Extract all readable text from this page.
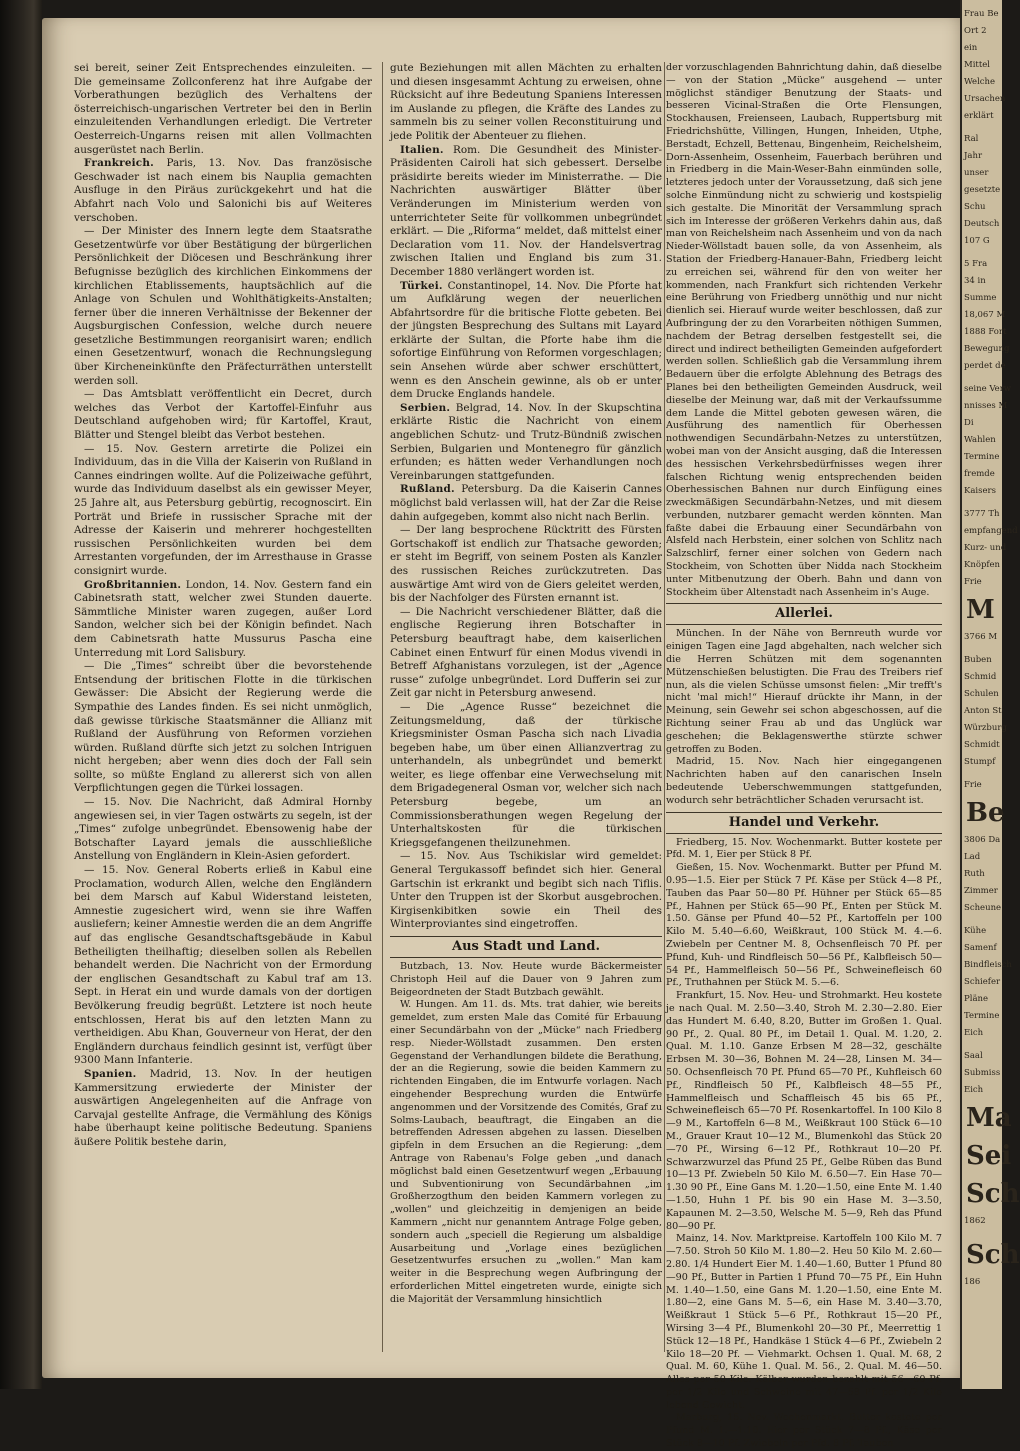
sei bereit, seiner Zeit Entsprechendes einzuleiten. — Die gemeinsame Zollconferenz hat ihre Aufgabe der Vorberathungen bezüglich des Verhaltens der österreichisch-ungarischen Vertreter bei den in Berlin einzuleitenden Verhandlungen erledigt. Die Vertreter Oesterreich-Ungarns reisen mit allen Vollmachten ausgerüstet nach Berlin.

Frankreich. Paris, 13. Nov. Das französische Geschwader ist nach einem bis Nauplia gemachten Ausfluge in den Piräus zurückgekehrt und hat die Abfahrt nach Volo und Salonichi bis auf Weiteres verschoben.

— Der Minister des Innern legte dem Staatsrathe Gesetzentwürfe vor über Bestätigung der bürgerlichen Persönlichkeit der Diöcesen und Beschränkung ihrer Befugnisse bezüglich des kirchlichen Einkommens der kirchlichen Etablissements, hauptsächlich auf die Anlage von Schulen und Wohlthätigkeits-Anstalten; ferner über die inneren Verhältnisse der Bekenner der Augsburgischen Confession, welche durch neuere gesetzliche Bestimmungen reorganisirt waren; endlich einen Gesetzentwurf, wonach die Rechnungslegung über Kircheneinkünfte den Präfecturräthen unterstellt werden soll.

— Das Amtsblatt veröffentlicht ein Decret, durch welches das Verbot der Kartoffel-Einfuhr aus Deutschland aufgehoben wird; für Kartoffel, Kraut, Blätter und Stengel bleibt das Verbot bestehen.

— 15. Nov. Gestern arretirte die Polizei ein Individuum, das in die Villa der Kaiserin von Rußland in Cannes eindringen wollte. Auf die Polizeiwache geführt, wurde das Individuum daselbst als ein gewisser Meyer, 25 Jahre alt, aus Petersburg gebürtig, recognoscirt. Ein Porträt und Briefe in russischer Sprache mit der Adresse der Kaiserin und mehrerer hochgestellten russischen Persönlichkeiten wurden bei dem Arrestanten vorgefunden, der im Arresthause in Grasse consignirt wurde.

Großbritannien. London, 14. Nov. Gestern fand ein Cabinetsrath statt, welcher zwei Stunden dauerte. Sämmtliche Minister waren zugegen, außer Lord Sandon, welcher sich bei der Königin befindet. Nach dem Cabinetsrath hatte Mussurus Pascha eine Unterredung mit Lord Salisbury.

— Die „Times“ schreibt über die bevorstehende Entsendung der britischen Flotte in die türkischen Gewässer: Die Absicht der Regierung werde die Sympathie des Landes finden. Es sei nicht unmöglich, daß gewisse türkische Staatsmänner die Allianz mit Rußland der Ausführung von Reformen vorziehen würden. Rußland dürfte sich jetzt zu solchen Intriguen nicht hergeben; aber wenn dies doch der Fall sein sollte, so müßte England zu allererst sich von allen Verpflichtungen gegen die Türkei lossagen.

— 15. Nov. Die Nachricht, daß Admiral Hornby angewiesen sei, in vier Tagen ostwärts zu segeln, ist der „Times“ zufolge unbegründet. Ebensowenig habe der Botschafter Layard jemals die ausschließliche Anstellung von Engländern in Klein-Asien gefordert.

— 15. Nov. General Roberts erließ in Kabul eine Proclamation, wodurch Allen, welche den Engländern bei dem Marsch auf Kabul Widerstand leisteten, Amnestie zugesichert wird, wenn sie ihre Waffen ausliefern; keiner Amnestie werden die an dem Angriffe auf das englische Gesandtschaftsgebäude in Kabul Betheiligten theilhaftig; dieselben sollen als Rebellen behandelt werden. Die Nachricht von der Ermordung der englischen Gesandtschaft zu Kabul traf am 13. Sept. in Herat ein und wurde damals von der dortigen Bevölkerung freudig begrüßt. Letztere ist noch heute entschlossen, Herat bis auf den letzten Mann zu vertheidigen. Abu Khan, Gouverneur von Herat, der den Engländern durchaus feindlich gesinnt ist, verfügt über 9300 Mann Infanterie.

Spanien. Madrid, 13. Nov. In der heutigen Kammersitzung erwiederte der Minister der auswärtigen Angelegenheiten auf die Anfrage von Carvajal gestellte Anfrage, die Vermählung des Königs habe überhaupt keine politische Bedeutung. Spaniens äußere Politik bestehe darin,

gute Beziehungen mit allen Mächten zu erhalten und diesen insgesammt Achtung zu erweisen, ohne Rücksicht auf ihre Bedeutung Spaniens Interessen im Auslande zu pflegen, die Kräfte des Landes zu sammeln bis zu seiner vollen Reconstituirung und jede Politik der Abenteuer zu fliehen.

Italien. Rom. Die Gesundheit des Minister-Präsidenten Cairoli hat sich gebessert. Derselbe präsidirte bereits wieder im Ministerrathe. — Die Nachrichten auswärtiger Blätter über Veränderungen im Ministerium werden von unterrichteter Seite für vollkommen unbegründet erklärt. — Die „Riforma“ meldet, daß mittelst einer Declaration vom 11. Nov. der Handelsvertrag zwischen Italien und England bis zum 31. December 1880 verlängert worden ist.

Türkei. Constantinopel, 14. Nov. Die Pforte hat um Aufklärung wegen der neuerlichen Abfahrtsordre für die britische Flotte gebeten. Bei der jüngsten Besprechung des Sultans mit Layard erklärte der Sultan, die Pforte habe ihm die sofortige Einführung von Reformen vorgeschlagen; sein Ansehen würde aber schwer erschüttert, wenn es den Anschein gewinne, als ob er unter dem Drucke Englands handele.

Serbien. Belgrad, 14. Nov. In der Skupschtina erklärte Ristic die Nachricht von einem angeblichen Schutz- und Trutz-Bündniß zwischen Serbien, Bulgarien und Montenegro für gänzlich erfunden; es hätten weder Verhandlungen noch Vereinbarungen stattgefunden.

Rußland. Petersburg. Da die Kaiserin Cannes möglichst bald verlassen will, hat der Zar die Reise dahin aufgegeben, kommt also nicht nach Berlin.

— Der lang besprochene Rücktritt des Fürsten Gortschakoff ist endlich zur Thatsache geworden; er steht im Begriff, von seinem Posten als Kanzler des russischen Reiches zurückzutreten. Das auswärtige Amt wird von de Giers geleitet werden, bis der Nachfolger des Fürsten ernannt ist.

— Die Nachricht verschiedener Blätter, daß die englische Regierung ihren Botschafter in Petersburg beauftragt habe, dem kaiserlichen Cabinet einen Entwurf für einen Modus vivendi in Betreff Afghanistans vorzulegen, ist der „Agence russe“ zufolge unbegründet. Lord Dufferin sei zur Zeit gar nicht in Petersburg anwesend.

— Die „Agence Russe“ bezeichnet die Zeitungsmeldung, daß der türkische Kriegsminister Osman Pascha sich nach Livadia begeben habe, um über einen Allianzvertrag zu unterhandeln, als unbegründet und bemerkt weiter, es liege offenbar eine Verwechselung mit dem Brigadegeneral Osman vor, welcher sich nach Petersburg begebe, um an Commissionsberathungen wegen Regelung der Unterhaltskosten für die türkischen Kriegsgefangenen theilzunehmen.

— 15. Nov. Aus Tschikislar wird gemeldet: General Tergukassoff befindet sich hier. General Gartschin ist erkrankt und begibt sich nach Tiflis. Unter den Truppen ist der Skorbut ausgebrochen. Kirgisenkibitken sowie ein Theil des Winterproviantes sind eingetroffen.

Aus Stadt und Land.

Butzbach, 13. Nov. Heute wurde Bäckermeister Christoph Heil auf die Dauer von 9 Jahren zum Beigeordneten der Stadt Butzbach gewählt.

W. Hungen. Am 11. ds. Mts. trat dahier, wie bereits gemeldet, zum ersten Male das Comité für Erbauung einer Secundärbahn von der „Mücke“ nach Friedberg resp. Nieder-Wöllstadt zusammen. Den ersten Gegenstand der Verhandlungen bildete die Berathung, der an die Regierung, sowie die beiden Kammern zu richtenden Eingaben, die im Entwurfe vorlagen. Nach eingehender Besprechung wurden die Entwürfe angenommen und der Vorsitzende des Comités, Graf zu Solms-Laubach, beauftragt, die Eingaben an die betreffenden Adressen abgehen zu lassen. Dieselben gipfeln in dem Ersuchen an die Regierung: „dem Antrage von Rabenau's Folge geben „und danach möglichst bald einen Gesetzentwurf wegen „Erbauung und Subventionirung von Secundärbahnen „im Großherzogthum den beiden Kammern vorlegen zu „wollen“ und gleichzeitig in demjenigen an beide Kammern „nicht nur genanntem Antrage Folge geben, sondern auch „speciell die Regierung um alsbaldige Ausarbeitung und „Vorlage eines bezüglichen Gesetzentwurfes ersuchen zu „wollen.“ Man kam weiter in die Besprechung wegen Aufbringung der erforderlichen Mittel eingetreten wurde, einigte sich die Majorität der Versammlung hinsichtlich

der vorzuschlagenden Bahnrichtung dahin, daß dieselbe — von der Station „Mücke“ ausgehend — unter möglichst ständiger Benutzung der Staats- und besseren Vicinal-Straßen die Orte Flensungen, Stockhausen, Freienseen, Laubach, Ruppertsburg mit Friedrichshütte, Villingen, Hungen, Inheiden, Utphe, Berstadt, Echzell, Bettenau, Bingenheim, Reichelsheim, Dorn-Assenheim, Ossenheim, Fauerbach berühren und in Friedberg in die Main-Weser-Bahn einmünden solle, letzteres jedoch unter der Voraussetzung, daß sich jene solche Einmündung nicht zu schwierig und kostspielig sich gestalte. Die Minorität der Versammlung sprach sich im Interesse der größeren Verkehrs dahin aus, daß man von Reichelsheim nach Assenheim und von da nach Nieder-Wöllstadt bauen solle, da von Assenheim, als Station der Friedberg-Hanauer-Bahn, Friedberg leicht zu erreichen sei, während für den von weiter her kommenden, nach Frankfurt sich richtenden Verkehr eine Berührung von Friedberg unnöthig und nur nicht dienlich sei. Hierauf wurde weiter beschlossen, daß zur Aufbringung der zu den Vorarbeiten nöthigen Summen, nachdem der Betrag derselben festgestellt sei, die direct und indirect betheiligten Gemeinden aufgefordert werden sollen. Schließlich gab die Versammlung ihrem Bedauern über die erfolgte Ablehnung des Betrags des Planes bei den betheiligten Gemeinden Ausdruck, weil dieselbe der Meinung war, daß mit der Verkaufssumme dem Lande die Mittel geboten gewesen wären, die Ausführung des namentlich für Oberhessen nothwendigen Secundärbahn-Netzes zu unterstützen, wobei man von der Ansicht ausging, daß die Interessen des hessischen Verkehrsbedürfnisses wegen ihrer falschen Richtung wenig entsprechenden beiden Oberhessischen Bahnen nur durch Einfügung eines zweckmäßigen Secundärbahn-Netzes, und mit diesem verbunden, nutzbarer gemacht werden könnten. Man faßte dabei die Erbauung einer Secundärbahn von Alsfeld nach Herbstein, einer solchen von Schlitz nach Salzschlirf, ferner einer solchen von Gedern nach Stockheim, von Schotten über Nidda nach Stockheim unter Mitbenutzung der Oberh. Bahn und dann von Stockheim über Altenstadt nach Assenheim in's Auge.

Allerlei.

München. In der Nähe von Bernreuth wurde vor einigen Tagen eine Jagd abgehalten, nach welcher sich die Herren Schützen mit dem sogenannten Mützenschießen belustigten. Die Frau des Treibers rief nun, als die vielen Schüsse umsonst fielen: „Mir trefft's nicht 'mal mich!“ Hierauf drückte ihr Mann, in der Meinung, sein Gewehr sei schon abgeschossen, auf die Richtung seiner Frau ab und das Unglück war geschehen; die Beklagenswerthe stürzte schwer getroffen zu Boden.

Madrid, 15. Nov. Nach hier eingegangenen Nachrichten haben auf den canarischen Inseln bedeutende Ueberschwemmungen stattgefunden, wodurch sehr beträchtlicher Schaden verursacht ist.

Handel und Verkehr.

Friedberg, 15. Nov. Wochenmarkt. Butter kostete per Pfd. M. 1, Eier per Stück 8 Pf.

Gießen, 15. Nov. Wochenmarkt. Butter per Pfund M. 0.95—1.5. Eier per Stück 7 Pf. Käse per Stück 4—8 Pf., Tauben das Paar 50—80 Pf. Hühner per Stück 65—85 Pf., Hahnen per Stück 65—90 Pf., Enten per Stück M. 1.50. Gänse per Pfund 40—52 Pf., Kartoffeln per 100 Kilo M. 5.40—6.60, Weißkraut, 100 Stück M. 4.—6. Zwiebeln per Centner M. 8, Ochsenfleisch 70 Pf. per Pfund, Kuh- und Rindfleisch 50—56 Pf., Kalbfleisch 50—54 Pf., Hammelfleisch 50—56 Pf., Schweinefleisch 60 Pf., Truthahnen per Stück M. 5.—6.

Frankfurt, 15. Nov. Heu- und Strohmarkt. Heu kostete je nach Qual. M. 2.50—3.40, Stroh M. 2.30—2.80. Eier das Hundert M. 6.40, 8.20, Butter im Großen 1. Qual. 90 Pf., 2. Qual. 80 Pf., im Detail 1. Qual. M. 1.20, 2. Qual. M. 1.10. Ganze Erbsen M 28—32, geschälte Erbsen M. 30—36, Bohnen M. 24—28, Linsen M. 34—50. Ochsenfleisch 70 Pf. Pfund 65—70 Pf., Kuhfleisch 60 Pf., Rindfleisch 50 Pf., Kalbfleisch 48—55 Pf., Hammelfleisch und Schaffleisch 45 bis 65 Pf., Schweinefleisch 65—70 Pf. Rosenkartoffel. In 100 Kilo 8—9 M., Kartoffeln 6—8 M., Weißkraut 100 Stück 6—10 M., Grauer Kraut 10—12 M., Blumenkohl das Stück 20—70 Pf., Wirsing 6—12 Pf., Rothkraut 10—20 Pf. Schwarzwurzel das Pfund 25 Pf., Gelbe Rüben das Bund 10—13 Pf. Zwiebeln 50 Kilo M. 6.50—7. Ein Hase 70—1.30 90 Pf., Eine Gans M. 1.20—1.50, eine Ente M. 1.40—1.50, Huhn 1 Pf. bis 90 ein Hase M. 3—3.50, Kapaunen M. 2—3.50, Welsche M. 5—9, Reh das Pfund 80—90 Pf.

Mainz, 14. Nov. Marktpreise. Kartoffeln 100 Kilo M. 7—7.50. Stroh 50 Kilo M. 1.80—2. Heu 50 Kilo M. 2.60—2.80. 1/4 Hundert Eier M. 1.40—1.60, Butter 1 Pfund 80—90 Pf., Butter in Partien 1 Pfund 70—75 Pf., Ein Huhn M. 1.40—1.50, eine Gans M. 1.20—1.50, eine Ente M. 1.80—2, eine Gans M. 5—6, ein Hase M. 3.40—3.70, Weißkraut 1 Stück 5—6 Pf., Rothkraut 15—20 Pf., Wirsing 3—4 Pf., Blumenkohl 20—30 Pf., Meerrettig 1 Stück 12—18 Pf., Handkäse 1 Stück 4—6 Pf., Zwiebeln 2 Kilo 18—20 Pf. — Viehmarkt. Ochsen 1. Qual. M. 68, 2 Qual. M. 60, Kühe 1. Qual. M. 56., 2. Qual. M. 46—50. Alles per 50 Kilo. Kälber wurden bezahlt mit 56—60 Pf. per 1/2 Kilo und Schweine mit 47—58 Pf. per 1/2 Kilo lebend Gewicht.

Marburg, 15. Nov. Wochenmarkt. Butter kostete per Pfund M. 1.—1.10. Eier per Stück 7—8 Pf., Käse per Stück 8—10 Pf. Zwiebeln per Pfd. 8 Pf. Tauben

Frau Be
Ort 2
ein
Mittel
Welche
Ursachen
erklärt
Ral
Jahr
unser
gesetzte
Schu
Deutsch
107 G
5 Fra
34 in
Summe
18,067 M
1888 Fort
Bewegung
perdet de
seine Verw
nnisses M
Di
Wahlen
Termine
fremde
Kaisers
3777 Th
empfangend
Kurz- und
Knöpfen
Frie
M
3766 M
Buben
Schmid
Schulen
Anton St
Würzburg
Schmidt
Stumpf
Frie
Be
3806 Da
Lad
Ruth
Zimmer
Scheune
Kühe
Samenf
Bindfleisch
Schiefer
Pläne
Termine
Eich
Saal
Submiss
Eich
Ma
Sei
Sch
1862
Sch
186
